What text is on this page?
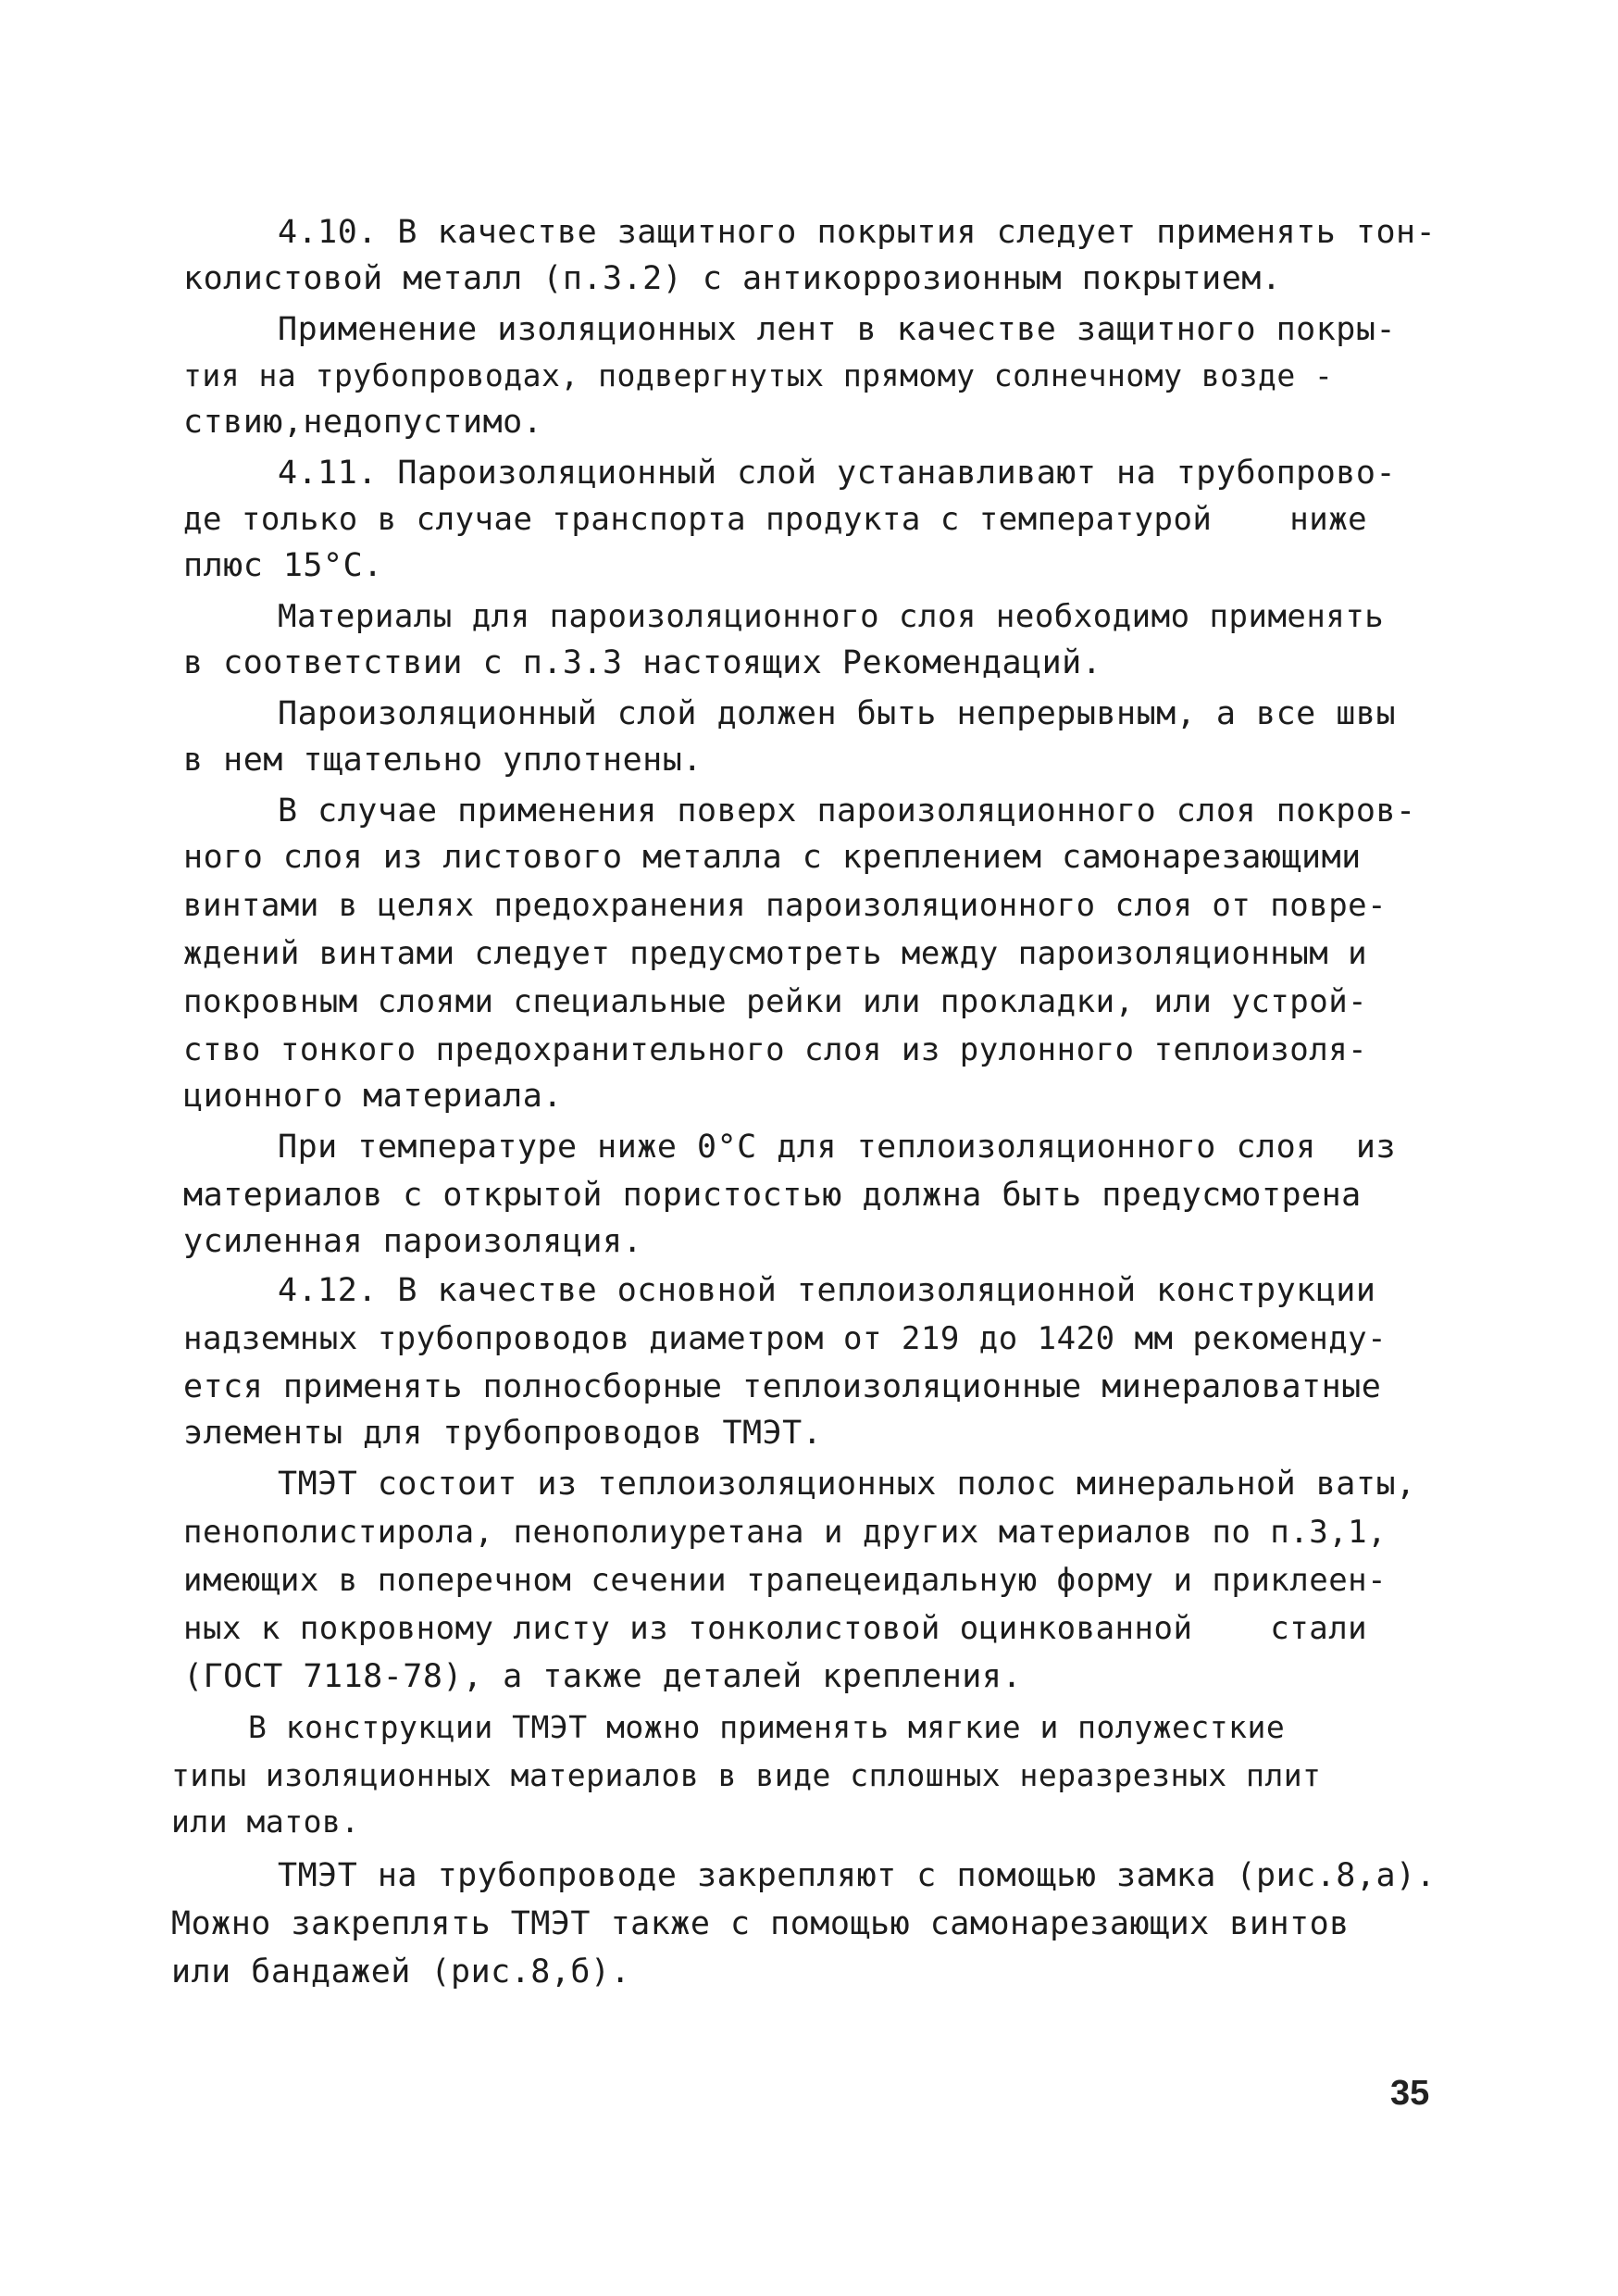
4.10. В качестве защитного покрытия следует применять тон-
колистовой металл (п.3.2) с антикоррозионным покрытием.
Применение изоляционных лент в качестве защитного покры-
тия на трубопроводах, подвергнутых прямому солнечному возде -
ствию,недопустимо.
4.11. Пароизоляционный слой устанавливают на трубопрово-
де только в случае транспорта продукта с температурой    ниже
плюс 15°С.
Материалы для пароизоляционного слоя необходимо применять
в соответствии с п.3.3 настоящих Рекомендаций.
Пароизоляционный слой должен быть непрерывным, а все швы
в нем тщательно уплотнены.
В случае применения поверх пароизоляционного слоя покров-
ного слоя из листового металла с креплением самонарезающими
винтами в целях предохранения пароизоляционного слоя от повре-
ждений винтами следует предусмотреть между пароизоляционным и
покровным слоями специальные рейки или прокладки, или устрой-
ство тонкого предохранительного слоя из рулонного теплоизоля-
ционного материала.
При температуре ниже 0°С для теплоизоляционного слоя  из
материалов с открытой пористостью должна быть предусмотрена
усиленная пароизоляция.
4.12. В качестве основной теплоизоляционной конструкции
надземных трубопроводов диаметром от 219 до 1420 мм рекоменду-
ется применять полносборные теплоизоляционные минераловатные
элементы для трубопроводов ТМЭТ.
ТМЭТ состоит из теплоизоляционных полос минеральной ваты,
пенополистирола, пенополиуретана и других материалов по п.3,1,
имеющих в поперечном сечении трапецеидальную форму и приклеен-
ных к покровному листу из тонколистовой оцинкованной    стали
(ГОСТ 7118-78), а также деталей крепления.
В конструкции ТМЭТ можно применять мягкие и полужесткие
типы изоляционных материалов в виде сплошных неразрезных плит
или матов.
ТМЭТ на трубопроводе закрепляют с помощью замка (рис.8,а).
Можно закреплять ТМЭТ также с помощью самонарезающих винтов
или бандажей (рис.8,б).
35
